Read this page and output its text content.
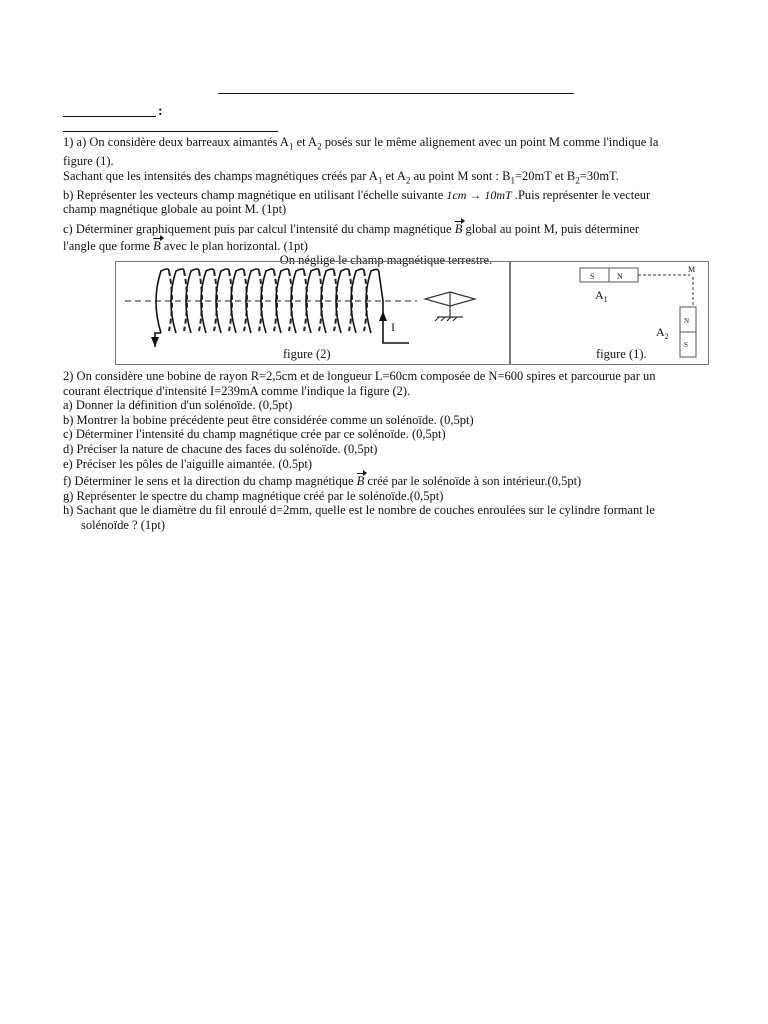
:
1) a) On considère deux barreaux aimantés $A_1$ et $A_2$ posés sur le même alignement avec un point M comme l'indique la
figure (1).
Sachant que les intensités des champs magnétiques créés par $A_1$ et $A_2$ au point M sont : $B_1=20mT$ et $B_2=30mT$.
b) Représenter les vecteurs champ magnétique en utilisant l'échelle suivante 1cm → 10mT .Puis représenter le vecteur
champ magnétique globale au point M. (1pt)
c) Déterminer graphiquement puis par calcul l'intensité du champ magnétique B global au point M, puis déterminer
l'angle que forme B avec le plan horizontal. (1pt)
On néglige le champ magnétique terrestre.
I
figure (2)
S	N
M
$A_1$
N
S
$A_2$
figure (1).
2) On considère une bobine de rayon R=2,5cm et de longueur L=60cm composée de N=600 spires et parcourue par un
courant électrique d'intensité I=239mA comme l'indique la figure (2).
a) Donner la définition d'un solénoïde. (0,5pt)
b) Montrer la bobine précédente peut être considérée comme un solénoïde. (0,5pt)
c) Déterminer l'intensité du champ magnétique crée par ce solénoïde. (0,5pt)
d) Préciser la nature de chacune des faces du solénoïde. (0,5pt)
e) Préciser les pôles de l'aiguille aimantée. (0.5pt)
f) Déterminer le sens et la direction du champ magnétique B créé par le solénoïde à son intérieur.(0,5pt)
g) Représenter le spectre du champ magnétique créé par le solénoïde.(0,5pt)
h) Sachant que le diamètre du fil enroulé d=2mm, quelle est le nombre de couches enroulées sur le cylindre formant le
solénoïde ? (1pt)
